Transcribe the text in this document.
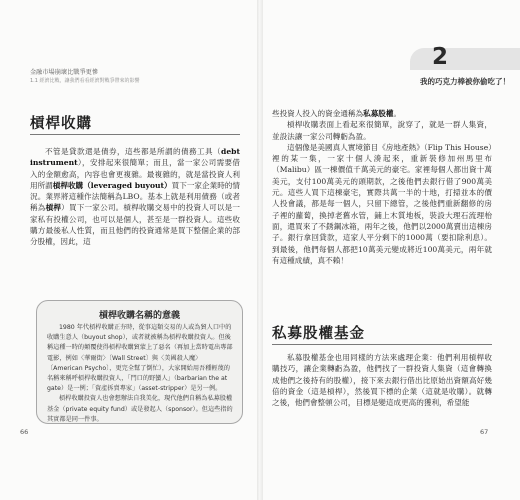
金融市場崩壞比戰爭更慘
1.1 經濟比戰，讓我們看看經濟對戰爭帶來的影響
槓桿收購

不管是貸款還是債券，這些都是所謂的債務工具（debt instrument），安排起來很簡單；而且，當一家公司需要借入的金額愈高，內容也會更複雜。最複雜的，就是當投資人利用所謂槓桿收購（leveraged buyout）買下一家企業時的情況。業界將這種作法簡稱為LBO。基本上就是利用債務（或者稱為槓桿）買下一家公司。槓桿收購交易中的投資人可以是一家私有投權公司，也可以是個人，甚至是一群投資人。這些收購方最後私人性質，而且他們的投資通常是買下整個企業的部分股權，因此，這

槓桿收購名稱的意義

1980 年代槓桿收購正夯時，從事這類交易的人或為貿人口中的收購生意人（buyout shop），或者就被稱為槓桿收購投資人。但後稱這種一時的顛覆使得槓桿收購貿蒙上了惡名（再加上當時電出專部電影，例如〈華爾街〉〔Wall Street〕與〈美國殺人魔〉〔American Psycho〕，更完全幫了倒忙），大家開始用吾種輕蔑的名稱來稱呼槓桿收購投資人，「門口的野蠻人」（barbarian the at gate）是一例；「資產拆賣專家」（asset-stripper）是另一例。

槓桿收購投資人也會想辦法自我美化，現代他們自稱為私募股權基金（private equity fund）或是發起人（sponsor）。但這些指的其實都是同一件事。

66
2
我的巧克力棒被你偷吃了！

些投資人投入的資金通稱為私募股權。

槓桿收購表面上看起來很簡單，說穿了，就是一群人集資，並設法讓一家公司轉虧為盈。

這個像是美國真人實境節目《房地產熱》（Flip This House）裡的某一集，一家十個人湊起來，重新裝修加州馬里布（Malibu）區一棟價值千萬美元的豪宅。家裡每個人都出資十萬美元，支付100萬美元的頭期款，之後他們去銀行借了900萬美元。這些人買下這棟豪宅，實際共萬一半的十地，打掃並本的價人投會議，都是每一個人，只留下總管，之後他們重新翻修的房子裡的蘿蔔，換掉老舊水管，鋪上木質地板，裝設大理石流理枱面，還買來了不銹鋼冰箱，兩年之後，他們以2000萬賣出這棟房子。銀行拿回貸款，這家人平分剩下的1000萬（要扣除利息）。到最後，他們每個人都把10萬美元變成將近100萬美元，兩年就有這種成績，真不賴！

私募股權基金

私募股權基金也用同樣的方法來處理企業：他們利用槓桿收購技巧，讓企業轉虧為盈，他們找了一群投資人集資（這會轉換成他們之後持有的股權），接下來去銀行借出比原始出資額高好幾倍的資金（這是槓桿），然後買下標的企業（這就是收購）。就轉之後，他們會整頓公司，目標是變這成更高的獲利，希望能

67
